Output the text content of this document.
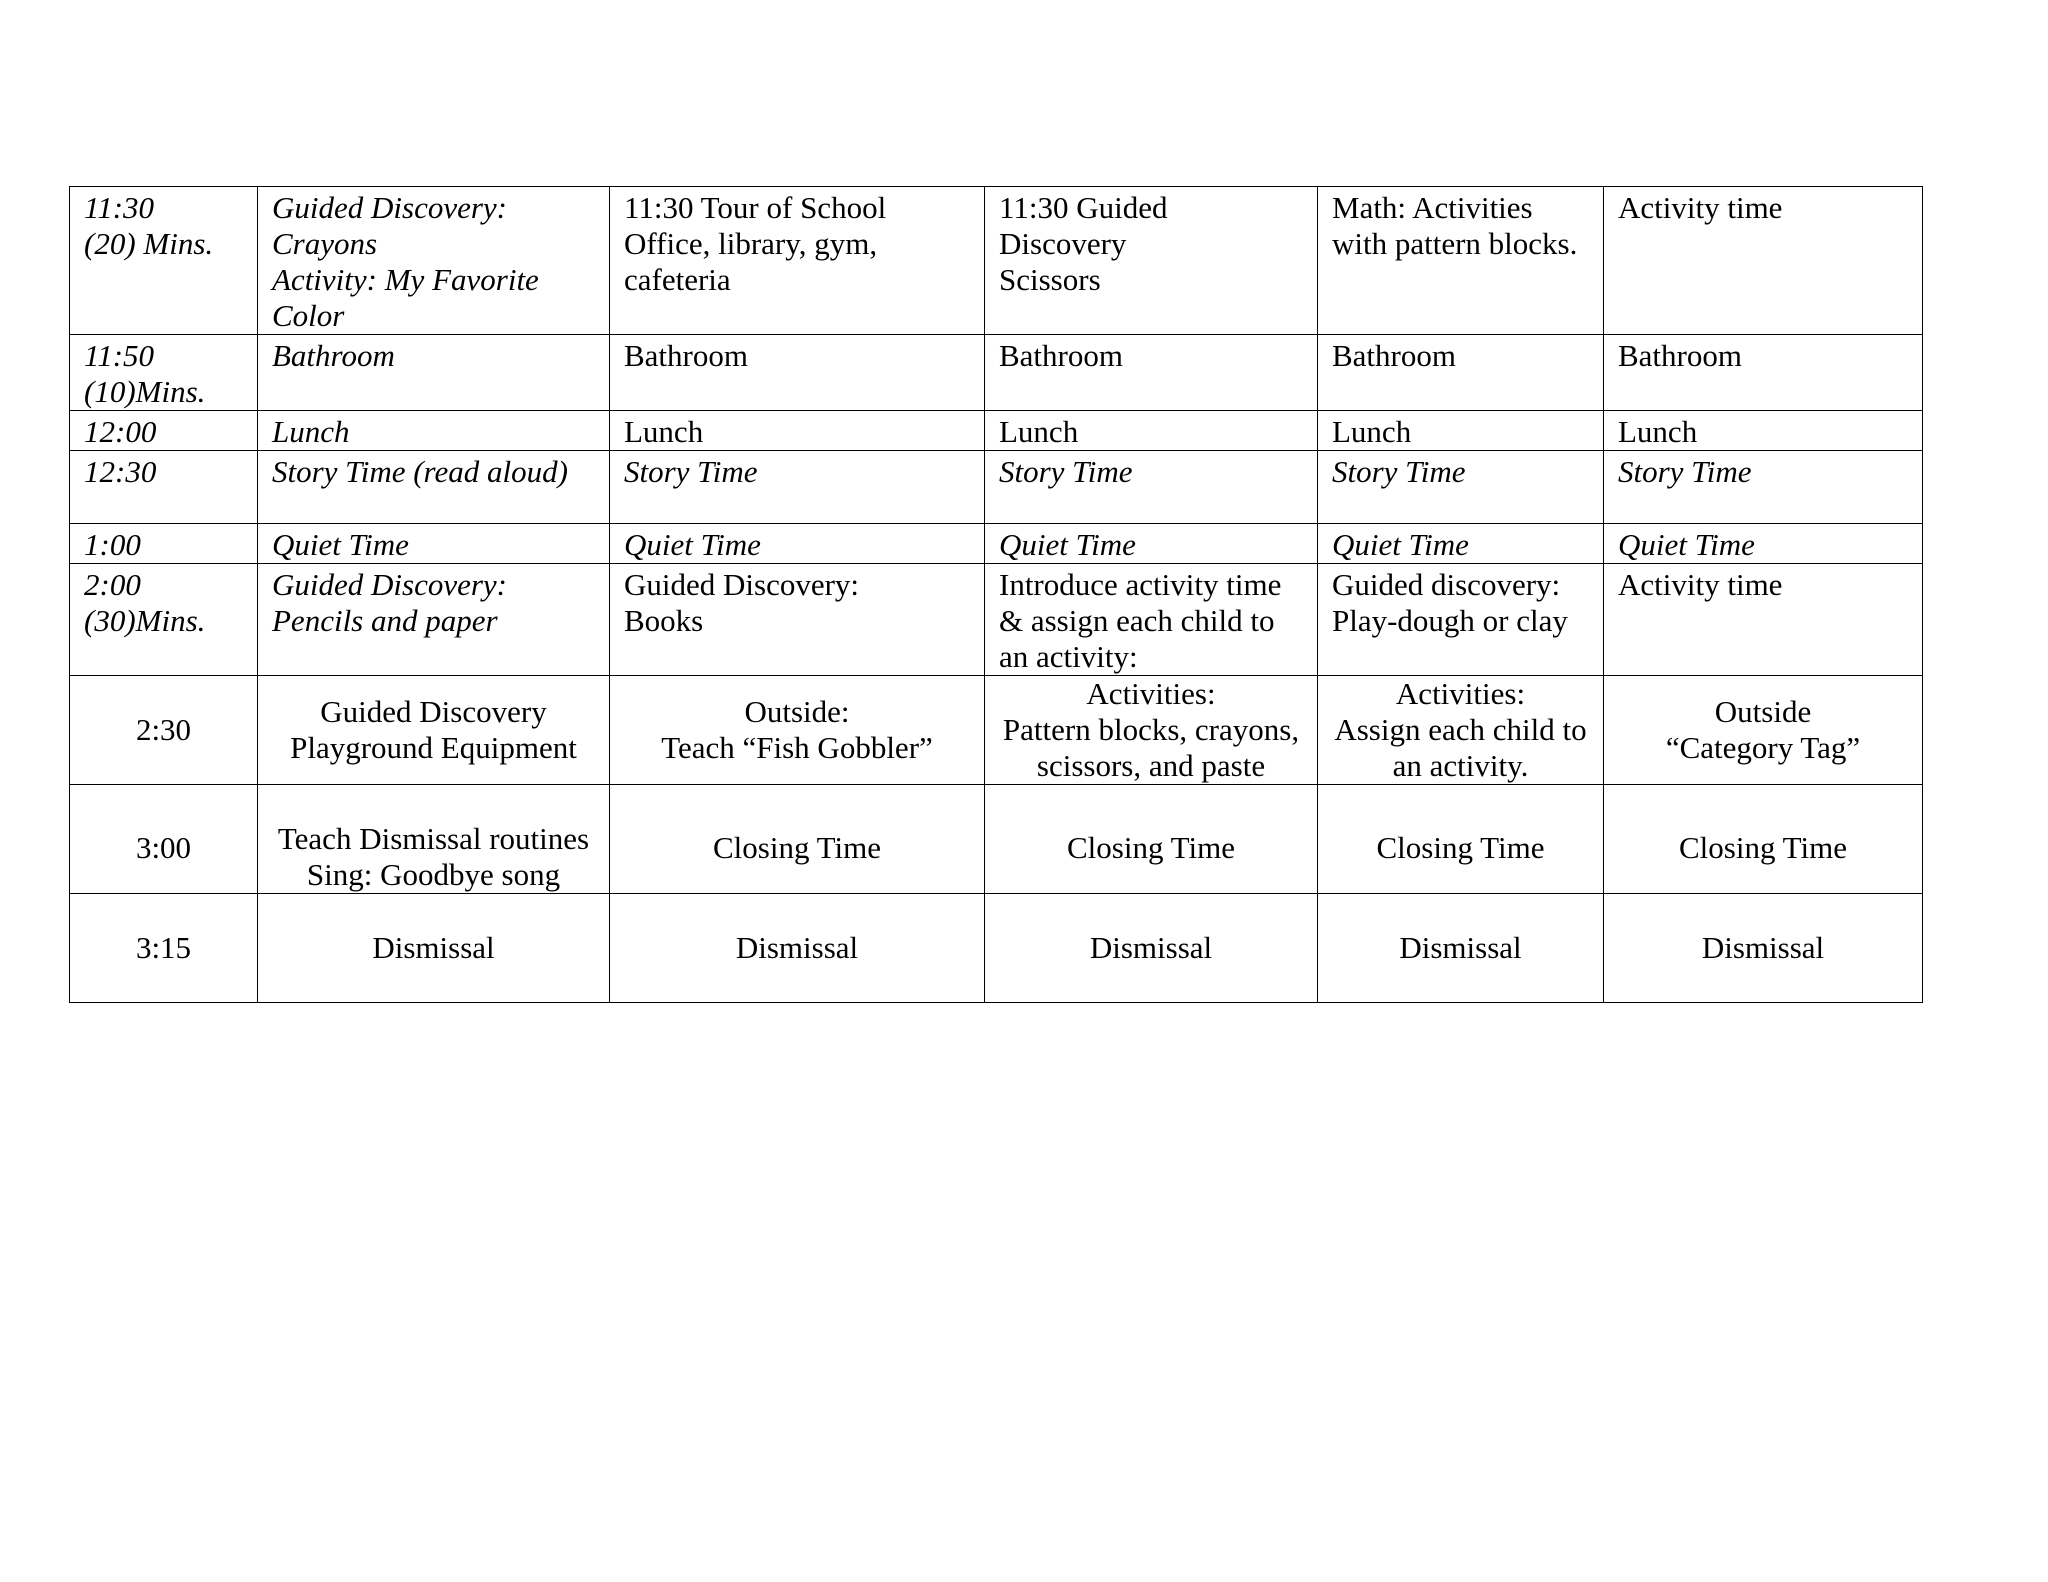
11:30
(20) Mins.	Guided Discovery:
Crayons
Activity: My Favorite
Color	11:30 Tour of School
Office, library, gym,
cafeteria	11:30 Guided
Discovery
Scissors	Math: Activities
with pattern blocks.	Activity time

11:50
(10)Mins.	Bathroom	Bathroom	Bathroom	Bathroom	Bathroom

12:00	Lunch	Lunch	Lunch	Lunch	Lunch

12:30	Story Time (read aloud)	Story Time	Story Time	Story Time	Story Time

1:00	Quiet Time	Quiet Time	Quiet Time	Quiet Time	Quiet Time

2:00
(30)Mins.	Guided Discovery:
Pencils and paper	Guided Discovery:
Books	Introduce activity time
& assign each child to
an activity:	Guided discovery:
Play-dough or clay	Activity time

2:30	Guided Discovery
Playground Equipment	Outside:
Teach “Fish Gobbler”	Activities:
Pattern blocks, crayons,
scissors, and paste	Activities:
Assign each child to
an activity.	Outside
“Category Tag”

3:00	Teach Dismissal routines
Sing: Goodbye song	Closing Time	Closing Time	Closing Time	Closing Time

3:15	Dismissal	Dismissal	Dismissal	Dismissal	Dismissal
